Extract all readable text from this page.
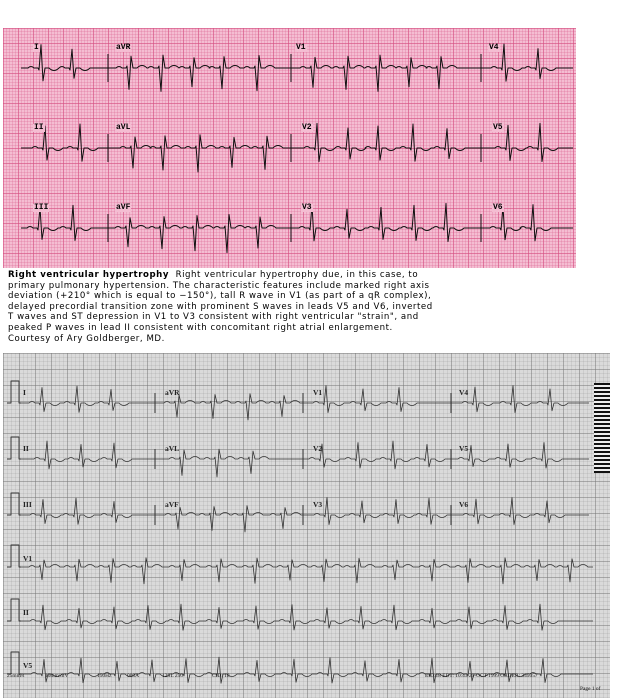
I	aVR	V1	V4
II	aVL	V2	V5
III	aVF	V3	V6
Right ventricular hypertrophy Right ventricular hypertrophy due, in this case, to
primary pulmonary hypertension. The characteristic features include marked right axis
deviation (+210° which is equal to −150°), tall R wave in V1 (as part of a qR complex),
delayed precordial transition zone with prominent S waves in leads V5 and V6, inverted
T waves and ST depression in V1 to V3 consistent with right ventricular "strain", and
peaked P waves in lead II consistent with concomitant right atrial enlargement.
Courtesy of Ary Goldberger, MD.
I	aVR	V1	V4
II	aVL	V2	V5
III	aVF	V3	V6
V1
II
V5
25mm/s	10mm/mV	150Hz	008A	12SL 250	CID: 18	EID:18 EDT: 10:43 29-OCT-1999 ORDER: 345057
Page 1 of
